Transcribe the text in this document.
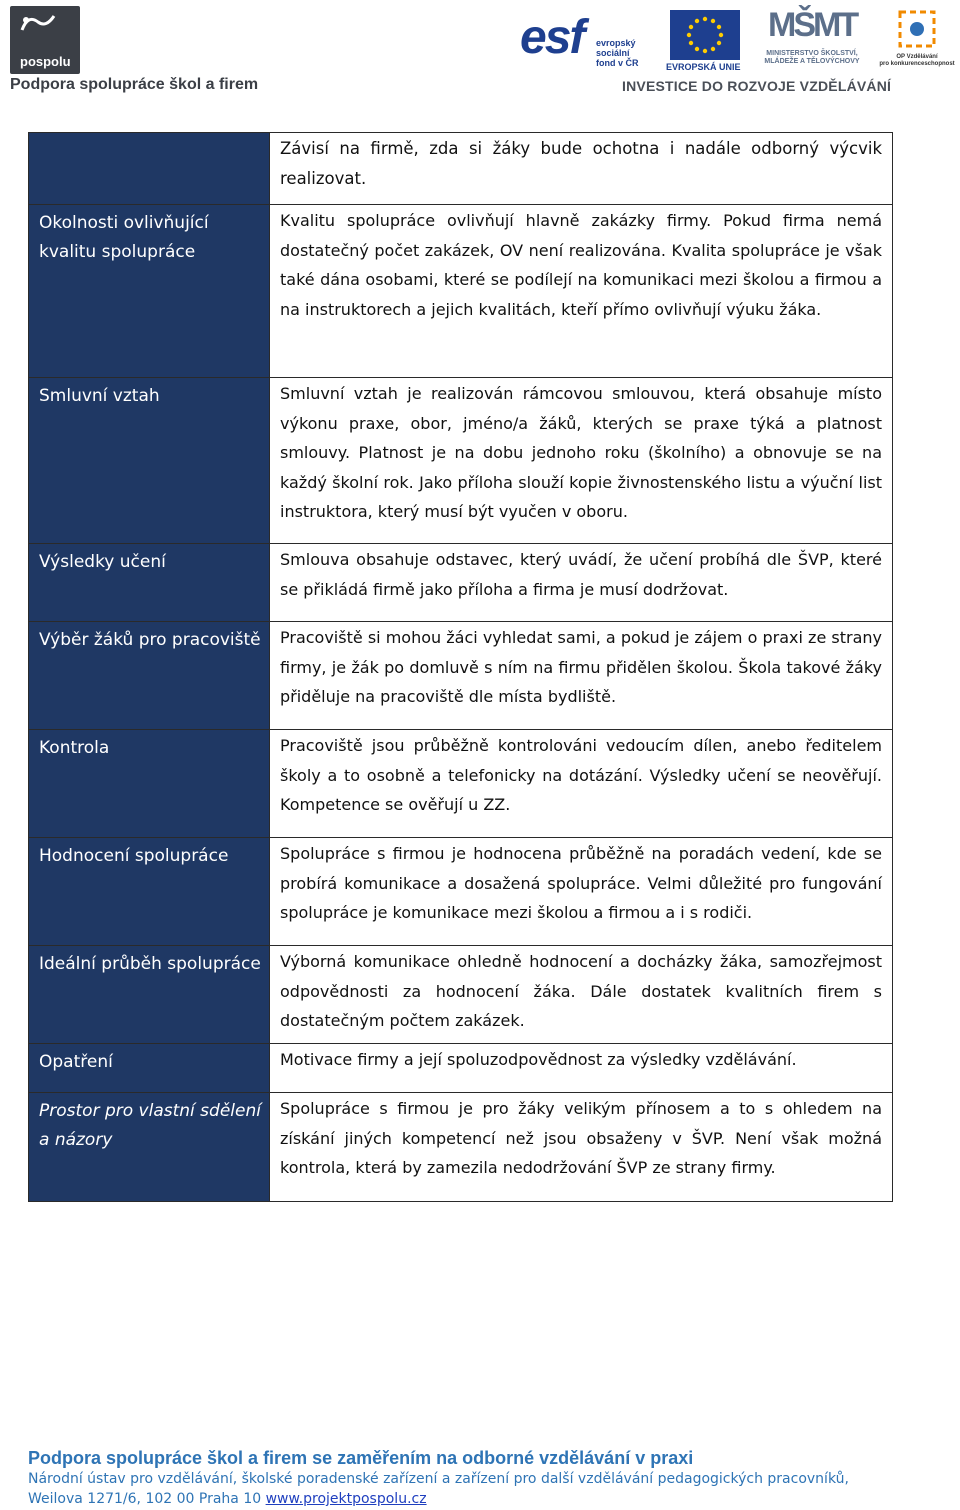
pospolu
Podpora spolupráce škol a firem
esf evropský
sociální
fond v ČR	EVROPSKÁ UNIE
MŠMT
MINISTERSTVO ŠKOLSTVÍ,
MLÁDEŽE A TĚLOVÝCHOVY
OP Vzdělávání
pro konkurenceschopnost
INVESTICE DO ROZVOJE VZDĚLÁVÁNÍ
	Závisí na firmě, zda si žáky bude ochotna i nadále odborný výcvik realizovat.
Okolnosti ovlivňující kvalitu spolupráce	Kvalitu spolupráce ovlivňují hlavně zakázky firmy. Pokud firma nemá dostatečný počet zakázek, OV není realizována. Kvalita spolupráce je však také dána osobami, které se podílejí na komunikaci mezi školou a firmou a na instruktorech a jejich kvalitách, kteří přímo ovlivňují výuku žáka.
Smluvní vztah	Smluvní vztah je realizován rámcovou smlouvou, která obsahuje místo výkonu praxe, obor, jméno/a žáků, kterých se praxe týká a platnost smlouvy. Platnost je na dobu jednoho roku (školního) a obnovuje se na každý školní rok. Jako příloha slouží kopie živnostenského listu a výuční list instruktora, který musí být vyučen v oboru.
Výsledky učení	Smlouva obsahuje odstavec, který uvádí, že učení probíhá dle ŠVP, které se přikládá firmě jako příloha a firma je musí dodržovat.
Výběr žáků pro pracoviště	Pracoviště si mohou žáci vyhledat sami, a pokud je zájem o praxi ze strany firmy, je žák po domluvě s ním na firmu přidělen školou. Škola takové žáky přiděluje na pracoviště dle místa bydliště.
Kontrola	Pracoviště jsou průběžně kontrolováni vedoucím dílen, anebo ředitelem školy a to osobně a telefonicky na dotázání. Výsledky učení se neověřují. Kompetence se ověřují u ZZ.
Hodnocení spolupráce	Spolupráce s firmou je hodnocena průběžně na poradách vedení, kde se probírá komunikace a dosažená spolupráce. Velmi důležité pro fungování spolupráce je komunikace mezi školou a firmou a i s rodiči.
Ideální průběh spolupráce	Výborná komunikace ohledně hodnocení a docházky žáka, samozřejmost odpovědnosti za hodnocení žáka. Dále dostatek kvalitních firem s dostatečným počtem zakázek.
Opatření	Motivace firmy a její spoluzodpovědnost za výsledky vzdělávání.
Prostor pro vlastní sdělení a názory	Spolupráce s firmou je pro žáky velikým přínosem a to s ohledem na získání jiných kompetencí než jsou obsaženy v ŠVP. Není však možná kontrola, která by zamezila nedodržování ŠVP ze strany firmy.
Podpora spolupráce škol a firem se zaměřením na odborné vzdělávání v praxi
Národní ústav pro vzdělávání, školské poradenské zařízení a zařízení pro další vzdělávání pedagogických pracovníků,
Weilova 1271/6, 102 00 Praha 10 www.projektpospolu.cz
